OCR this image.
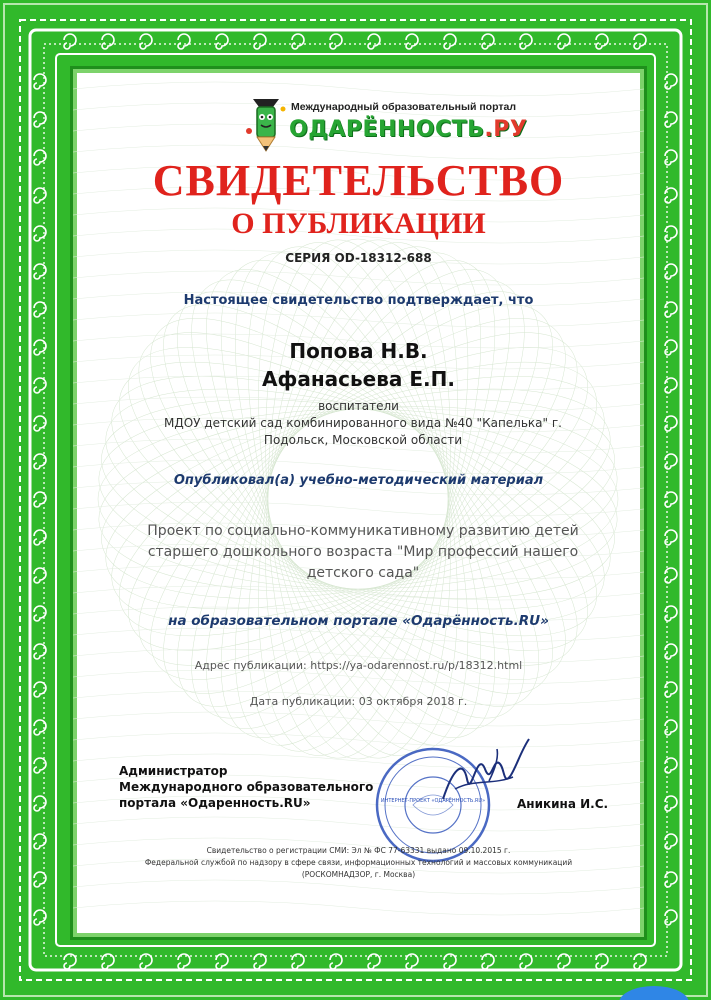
Международный образовательный портал
ОДАРЁННОСТЬ.РУ
СВИДЕТЕЛЬСТВО
О ПУБЛИКАЦИИ
СЕРИЯ OD-18312-688
Настоящее свидетельство подтверждает, что
Попова Н.В.
Афанасьева Е.П.
воспитатели
МДОУ детский сад комбинированного вида №40 "Капелька" г. Подольск, Московской области
Опубликовал(а) учебно-методический материал
Проект по социально-коммуникативному развитию детей старшего дошкольного возраста "Мир профессий нашего детского сада"
на образовательном портале «Одарённость.RU»
Адрес публикации: https://ya-odarennost.ru/p/18312.html
Дата публикации: 03 октября 2018 г.
Администратор
Международного образовательного
портала «Одаренность.RU»	ИНТЕРНЕТ-ПРОЕКТ «ОДАРЁННОСТЬ.RU»	Аникина И.С.
Свидетельство о регистрации СМИ: Эл № ФС 77-63331 выдано 09.10.2015 г.
Федеральной службой по надзору в сфере связи, информационных технологий и массовых коммуникаций
(РОСКОМНАДЗОР, г. Москва)
